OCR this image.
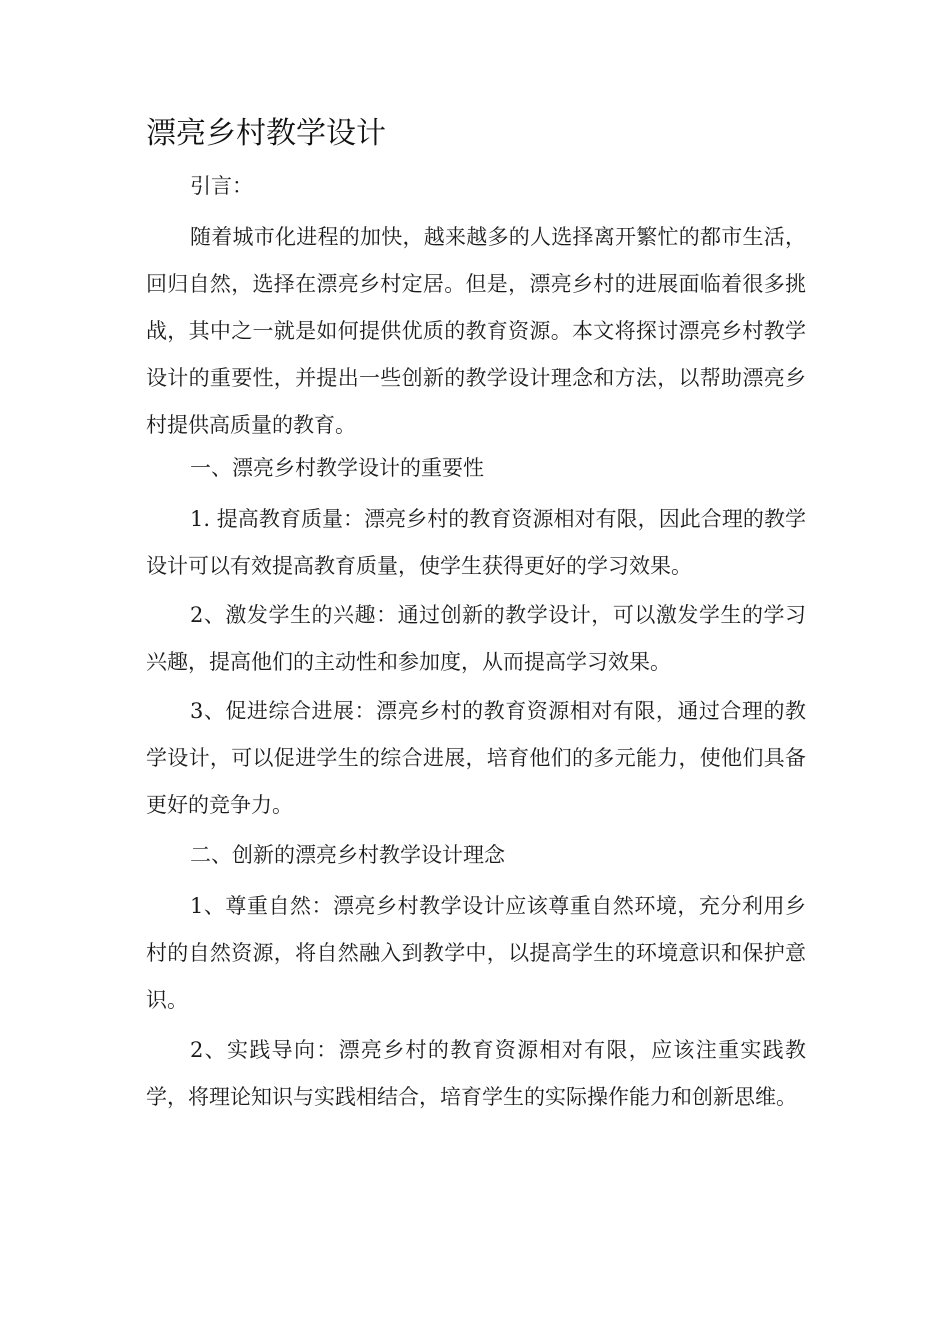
漂亮乡村教学设计

引言：

随着城市化进程的加快，越来越多的人选择离开繁忙的都市生活，回归自然，选择在漂亮乡村定居。但是，漂亮乡村的进展面临着很多挑战，其中之一就是如何提供优质的教育资源。本文将探讨漂亮乡村教学设计的重要性，并提出一些创新的教学设计理念和方法，以帮助漂亮乡村提供高质量的教育。

一、漂亮乡村教学设计的重要性

1. 提高教育质量：漂亮乡村的教育资源相对有限，因此合理的教学设计可以有效提高教育质量，使学生获得更好的学习效果。

2、激发学生的兴趣：通过创新的教学设计，可以激发学生的学习兴趣，提高他们的主动性和参加度，从而提高学习效果。

3、促进综合进展：漂亮乡村的教育资源相对有限，通过合理的教学设计，可以促进学生的综合进展，培育他们的多元能力，使他们具备更好的竞争力。

二、创新的漂亮乡村教学设计理念

1、尊重自然：漂亮乡村教学设计应该尊重自然环境，充分利用乡村的自然资源，将自然融入到教学中，以提高学生的环境意识和保护意识。

2、实践导向：漂亮乡村的教育资源相对有限，应该注重实践教学，将理论知识与实践相结合，培育学生的实际操作能力和创新思维。
